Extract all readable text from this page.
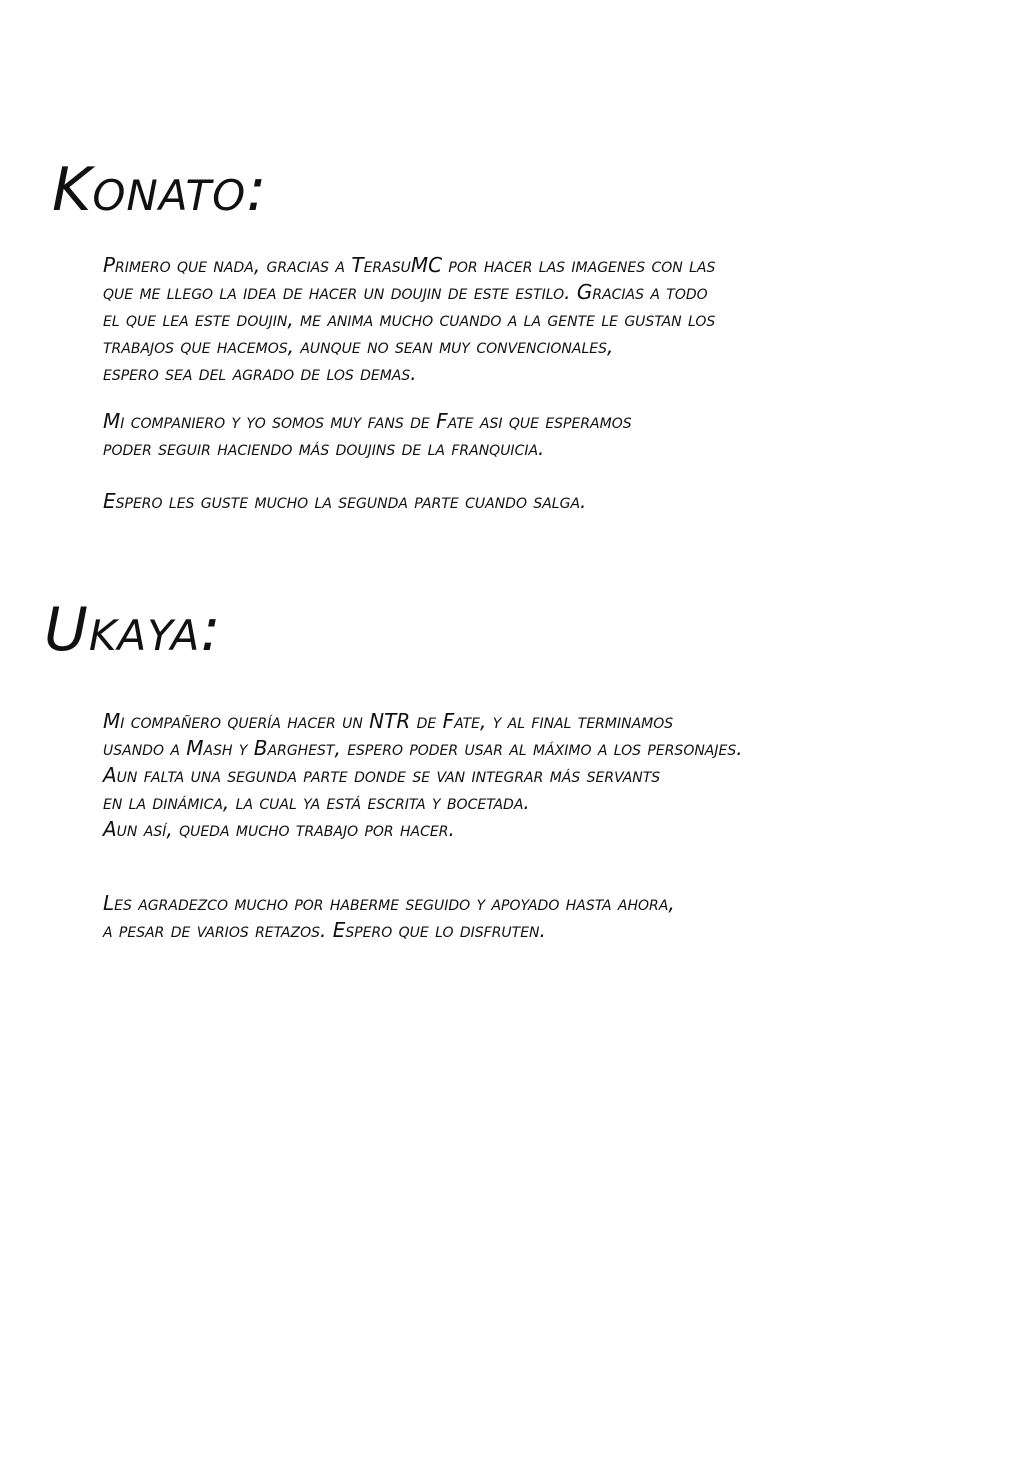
Konato:

Primero que nada, gracias a TerasuMC por hacer las imagenes con las
que me llego la idea de hacer un doujin de este estilo. Gracias a todo
el que lea este doujin, me anima mucho cuando a la gente le gustan los
trabajos que hacemos, aunque no sean muy convencionales,
espero sea del agrado de los demas.

Mi companiero y yo somos muy fans de Fate asi que esperamos
poder seguir haciendo más doujins de la franquicia.

Espero les guste mucho la segunda parte cuando salga.

Ukaya:

Mi compañero quería hacer un NTR de Fate, y al final terminamos
usando a Mash y Barghest, espero poder usar al máximo a los personajes.
Aun falta una segunda parte donde se van integrar más servants
en la dinámica, la cual ya está escrita y bocetada.
Aun así, queda mucho trabajo por hacer.

Les agradezco mucho por haberme seguido y apoyado hasta ahora,
a pesar de varios retazos. Espero que lo disfruten.
